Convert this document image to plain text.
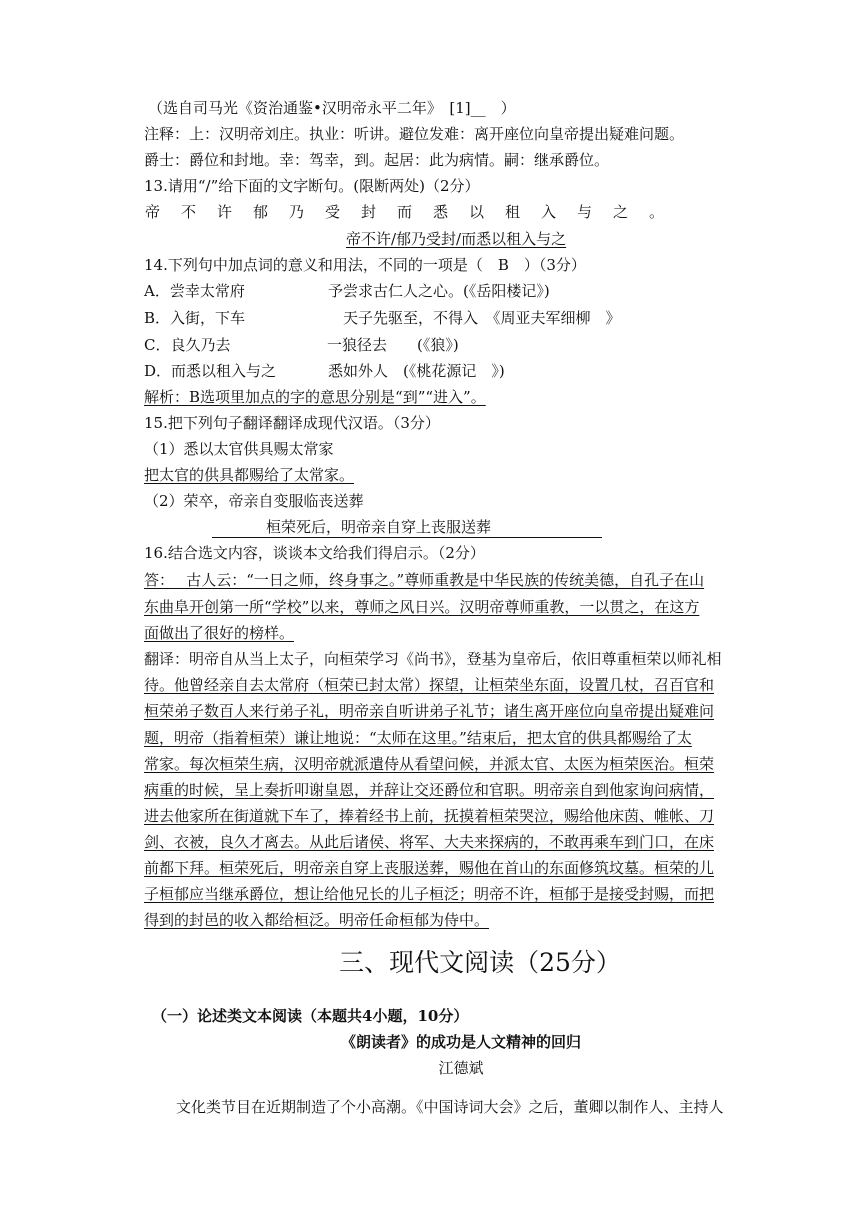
（选自司马光《资治通鉴•汉明帝永平二年》　[1]__　）
注释：上：汉明帝刘庄。执业：听讲。避位发难：离开座位向皇帝提出疑难问题。
爵士：爵位和封地。幸：驾幸，到。起居：此为病情。嗣：继承爵位。
13.请用“/”给下面的文字断句。(限断两处)（2分）
帝不许郁乃受封而悉以租入与之。
帝不许/郁乃受封/而悉以租入与之
14.下列句中加点词的意义和用法，不同的一项是（　B　）（3分）
A．尝幸太常府	予尝求古仁人之心。(《岳阳楼记》)
B．入街，下车	天子先驱至，不得入　《周亚夫军细柳　》
C．良久乃去	一狼径去　　(《狼》)
D．而悉以租入与之	悉如外人　(《桃花源记　》)
解析：B选项里加点的字的意思分别是“到”“进入”。
15.把下列句子翻译翻译成现代汉语。（3分）
（1）悉以太官供具赐太常家
把太官的供具都赐给了太常家。
（2）荣卒，帝亲自变服临丧送葬
桓荣死后，明帝亲自穿上丧服送葬
16.结合选文内容，谈谈本文给我们得启示。（2分）
答：　 古人云：“一日之师，终身事之。”尊师重教是中华民族的传统美德，自孔子在山
东曲阜开创第一所“学校”以来，尊师之风日兴。汉明帝尊师重教，一以贯之，在这方
面做出了很好的榜样。
翻译：明帝自从当上太子，向桓荣学习《尚书》，登基为皇帝后，依旧尊重桓荣以师礼相
待。他曾经亲自去太常府（桓荣已封太常）探望，让桓荣坐东面，设置几杖，召百官和
桓荣弟子数百人来行弟子礼，明帝亲自听讲弟子礼节；诸生离开座位向皇帝提出疑难问
题，明帝（指着桓荣）谦让地说：“太师在这里。”结束后，把太官的供具都赐给了太
常家。每次桓荣生病，汉明帝就派遣侍从看望问候，并派太官、太医为桓荣医治。桓荣
病重的时候，呈上奏折叩谢皇恩，并辞让交还爵位和官职。明帝亲自到他家询问病情，
进去他家所在街道就下车了，捧着经书上前，抚摸着桓荣哭泣，赐给他床茵、帷帐、刀
剑、衣被，良久才离去。从此后诸侯、将军、大夫来探病的，不敢再乘车到门口，在床
前都下拜。桓荣死后，明帝亲自穿上丧服送葬，赐他在首山的东面修筑坟墓。桓荣的儿
子桓郁应当继承爵位，想让给他兄长的儿子桓泛；明帝不许，桓郁于是接受封赐，而把
得到的封邑的收入都给桓泛。明帝任命桓郁为侍中。
三、现代文阅读（25分）
（一）论述类文本阅读（本题共4小题，10分）
《朗读者》的成功是人文精神的回归
江德斌
文化类节目在近期制造了个小高潮。《中国诗词大会》之后，董卿以制作人、主持人
